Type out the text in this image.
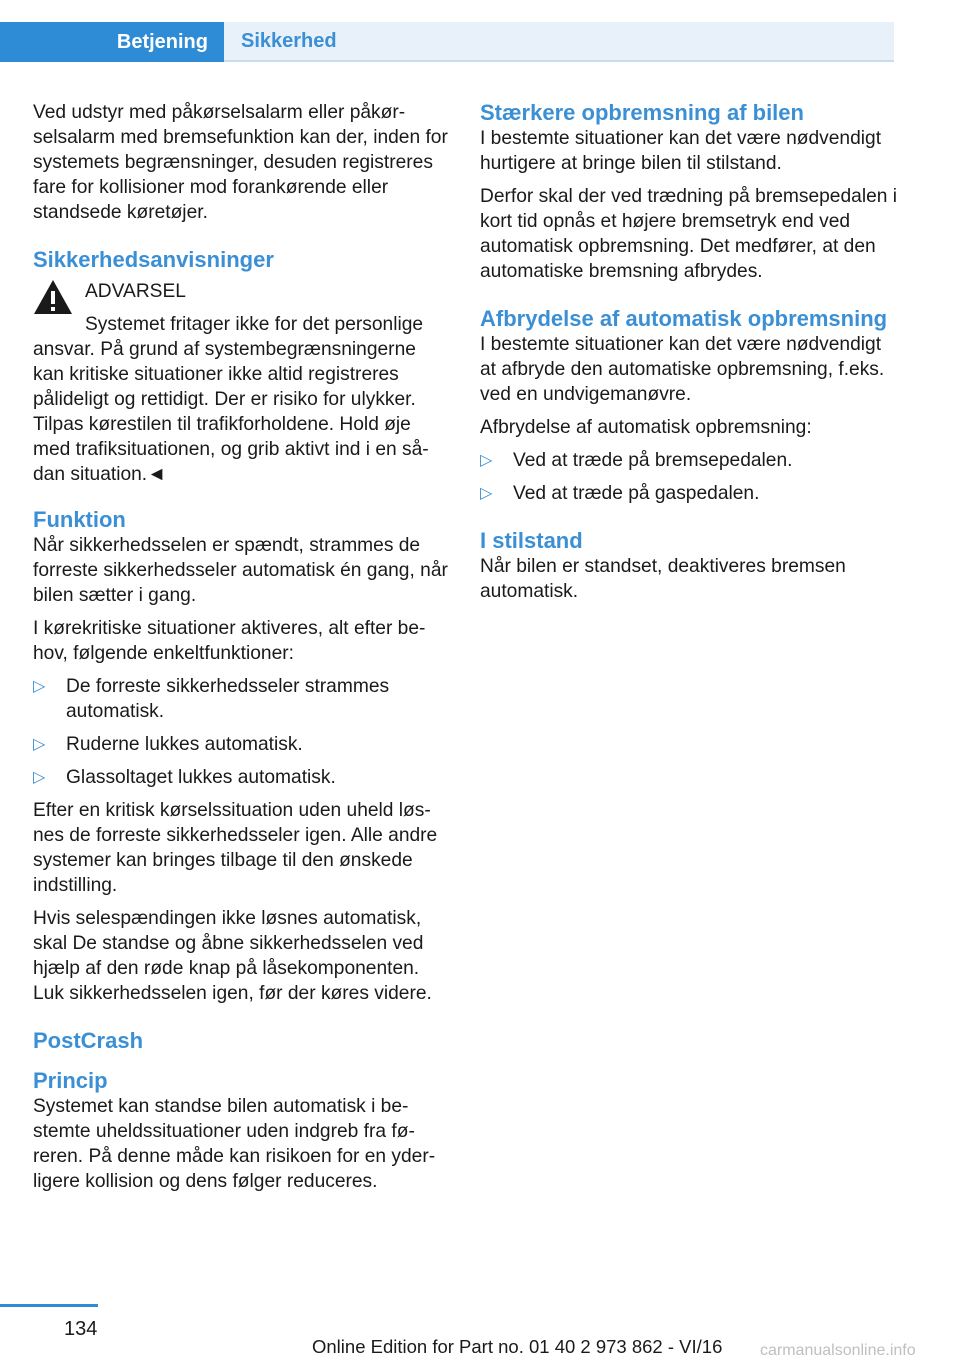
Betjening	Sikkerhed

Ved udstyr med påkørselsalarm eller påkørselsalarm med bremsefunktion kan der, inden for systemets begrænsninger, desuden registreres fare for kollisioner mod forankørende eller standsede køretøjer.

Sikkerhedsanvisninger

ADVARSEL

Systemet fritager ikke for det personlige
ansvar. På grund af systembegrænsningerne kan kritiske situationer ikke altid registreres pålideligt og rettidigt. Der er risiko for ulykker. Tilpas kørestilen til trafikforholdene. Hold øje med trafiksituationen, og grib aktivt ind i en sådan situation.◄

Funktion

Når sikkerhedsselen er spændt, strammes de forreste sikkerhedsseler automatisk én gang, når bilen sætter i gang.

I kørekritiske situationer aktiveres, alt efter behov, følgende enkeltfunktioner:

▷ De forreste sikkerhedsseler strammes automatisk.
▷ Ruderne lukkes automatisk.
▷ Glassoltaget lukkes automatisk.

Efter en kritisk kørselssituation uden uheld løsnes de forreste sikkerhedsseler igen. Alle andre systemer kan bringes tilbage til den ønskede indstilling.

Hvis selespændingen ikke løsnes automatisk, skal De standse og åbne sikkerhedsselen ved hjælp af den røde knap på låsekomponenten. Luk sikkerhedsselen igen, før der køres videre.

PostCrash
Princip

Systemet kan standse bilen automatisk i bestemte uheldssituationer uden indgreb fra føreren. På denne måde kan risikoen for en yderligere kollision og dens følger reduceres.

Stærkere opbremsning af bilen

I bestemte situationer kan det være nødvendigt hurtigere at bringe bilen til stilstand.

Derfor skal der ved trædning på bremsepedalen i kort tid opnås et højere bremsetryk end ved automatisk opbremsning. Det medfører, at den automatiske bremsning afbrydes.

Afbrydelse af automatisk opbremsning

I bestemte situationer kan det være nødvendigt at afbryde den automatiske opbremsning, f.eks. ved en undvigemanøvre.

Afbrydelse af automatisk opbremsning:

▷ Ved at træde på bremsepedalen.
▷ Ved at træde på gaspedalen.
I stilstand

Når bilen er standset, deaktiveres bremsen automatisk.

134
Online Edition for Part no. 01 40 2 973 862 - VI/16 carmanualsonline.info
